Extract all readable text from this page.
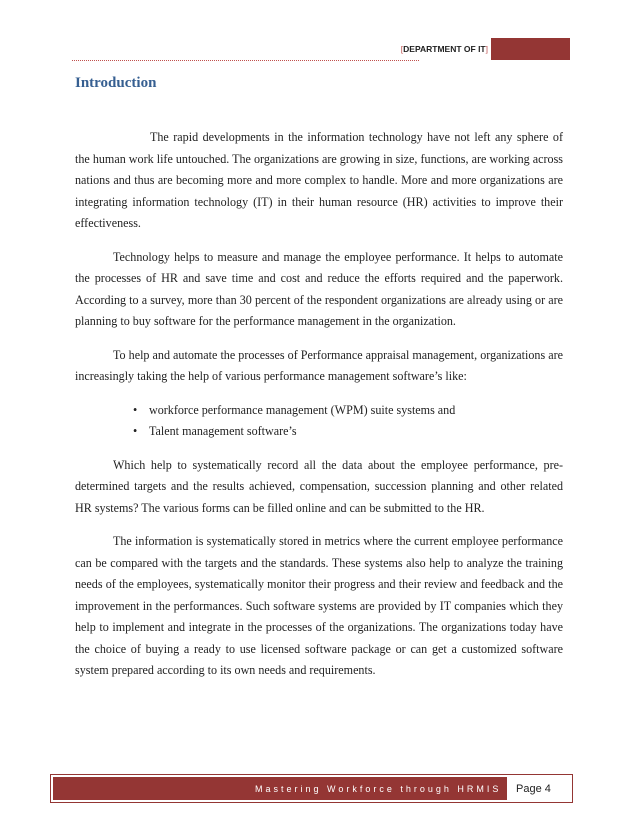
[DEPARTMENT OF IT]
Introduction

The rapid developments in the information technology have not left any sphere of the human work life untouched. The organizations are growing in size, functions, are working across nations and thus are becoming more and more complex to handle. More and more organizations are integrating information technology (IT) in their human resource (HR) activities to improve their effectiveness.

Technology helps to measure and manage the employee performance. It helps to automate the processes of HR and save time and cost and reduce the efforts required and the paperwork. According to a survey, more than 30 percent of the respondent organizations are already using or are planning to buy software for the performance management in the organization.

To help and automate the processes of Performance appraisal management, organizations are increasingly taking the help of various performance management software’s like:

• workforce performance management (WPM) suite systems and
• Talent management software’s

Which help to systematically record all the data about the employee performance, pre-determined targets and the results achieved, compensation, succession planning and other related HR systems? The various forms can be filled online and can be submitted to the HR.

The information is systematically stored in metrics where the current employee performance can be compared with the targets and the standards. These systems also help to analyze the training needs of the employees, systematically monitor their progress and their review and feedback and the improvement in the performances. Such software systems are provided by IT companies which they help to implement and integrate in the processes of the organizations. The organizations today have the choice of buying a ready to use licensed software package or can get a customized software system prepared according to its own needs and requirements.

Mastering Workforce through HRMIS Page 4
